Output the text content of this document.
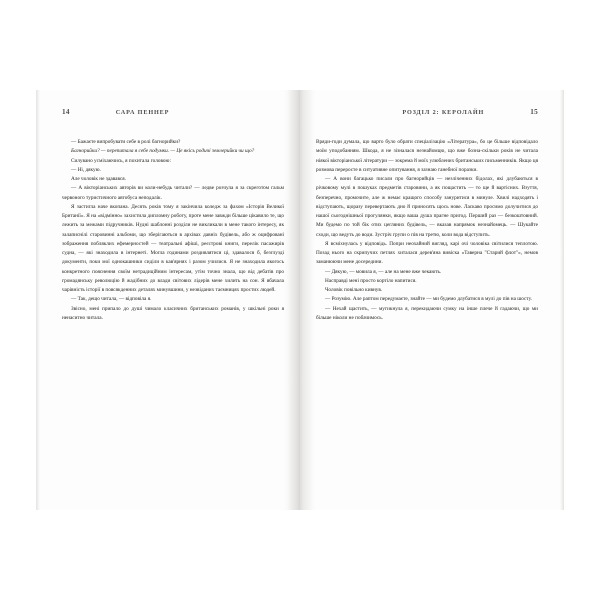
14	САРА ПЕННЕР

— Бажаєте випробувати себе в ролі багнорийки?

Багнорийки? — перепитала я себе подумки. — Це якісь родичі землерийки чи що?

Силувано усміхаючись, я похитала головою:

— Ні, дякую.

Але чоловік не здавався.

— А вікторіанських авторів ви коли-небудь читали? — ледве розчула я за скреготом гальм червоного туристичного автобуса неподалік.

Я застигла наче вкопана. Десять років тому я закінчила коледж за фахом «Історія Великої Британії». Я на «відмінно» захистила дипломну роботу, проте мене завжди більше цікавило те, що лежить за межами підручників. Нудні шаблонні розділи не викликали в мене такого інтересу, як залаписнілі старовинні альбоми, що зберігаються в архівах давніх будівель, або ж оцифровані зображення побляклих ефемерностей — театральні афіші, реєстрові книги, перелік пасажирів судна, — які знаходила в інтернеті. Могла годинами роздивлятися ці, здавалося б, безглузді документи, поки мої однокашники сиділи в кав'ярнях і разом училися. Я не знаходила якогось конкретного пояснення своїм нетрадиційним інтересам, утім точно знала, що від дебатів про громадянську революцію й жадібних до влади світових лідерів мене хилить на сон. Я вбачала чарівність історії в повсякденних деталях минувшини, у незвіданих таємницях простих людей.

— Так, дещо читала, — відповіла я.

Звісно, мені припало до душі чимало класичних британських романів, у шкільні роки я ненаситно читала.

РОЗДІЛ 2: КЕРОЛАЙН	15

Вряди-годи думала, що варто було обрати спеціалізацію «Література», бо це більше відповідало моїм уподобанням. Шкода, я не зізналася незнайомцю, що вже бозна-скільки років не читала ніякої вікторіанської літератури — зокрема й моїх улюблених британських письменників. Якщо ця розмова переросте в ситуативне опитування, я зазнаю ганебної поразки.

— А вони багацько писали про багнорийців — незліченних бідолах, які длубаються в річковому мулі в пошуках предметів старовини, а як пощастить — то ще й вартісних. Взуття, безперечно, промочите, але ж немає кращого способу зануритися в минуле. Хвилі надходять і відступають, щоразу перевертають дно й приносять щось нове. Ласкаво просимо долучитися до нашої сьогоднішньої прогулянки, якщо ваша душа прагне пригод. Перший раз — безкоштовний. Ми будемо по той бік отих цегляних будівель, — вказав напрямок незнайомець. — Шукайте сходи, що ведуть до води. Зустріч групи о пів на третю, коли вода відступить.

Я всміхнулась у відповідь. Попри неохайний вигляд, карі очі чоловіка світилися теплотою. Позад нього на скрипучих петлях хиталася дерев'яна вивіска «Таверна "Старий флот"», немов заманюючи мене досередини.

— Дякую, — мовила я, — але на мене вже чекають.

Насправді мені просто кортіло напитися.

Чоловік повільно кивнув.

— Розумію. Але раптом передумаєте, знайте — ми будемо длубатися в мулі до пів на шосту.

— Нехай щастить, — мугикнула я, перекидаючи сумку на інше плече й гадаючи, що ми більше ніколи не побачимось.
